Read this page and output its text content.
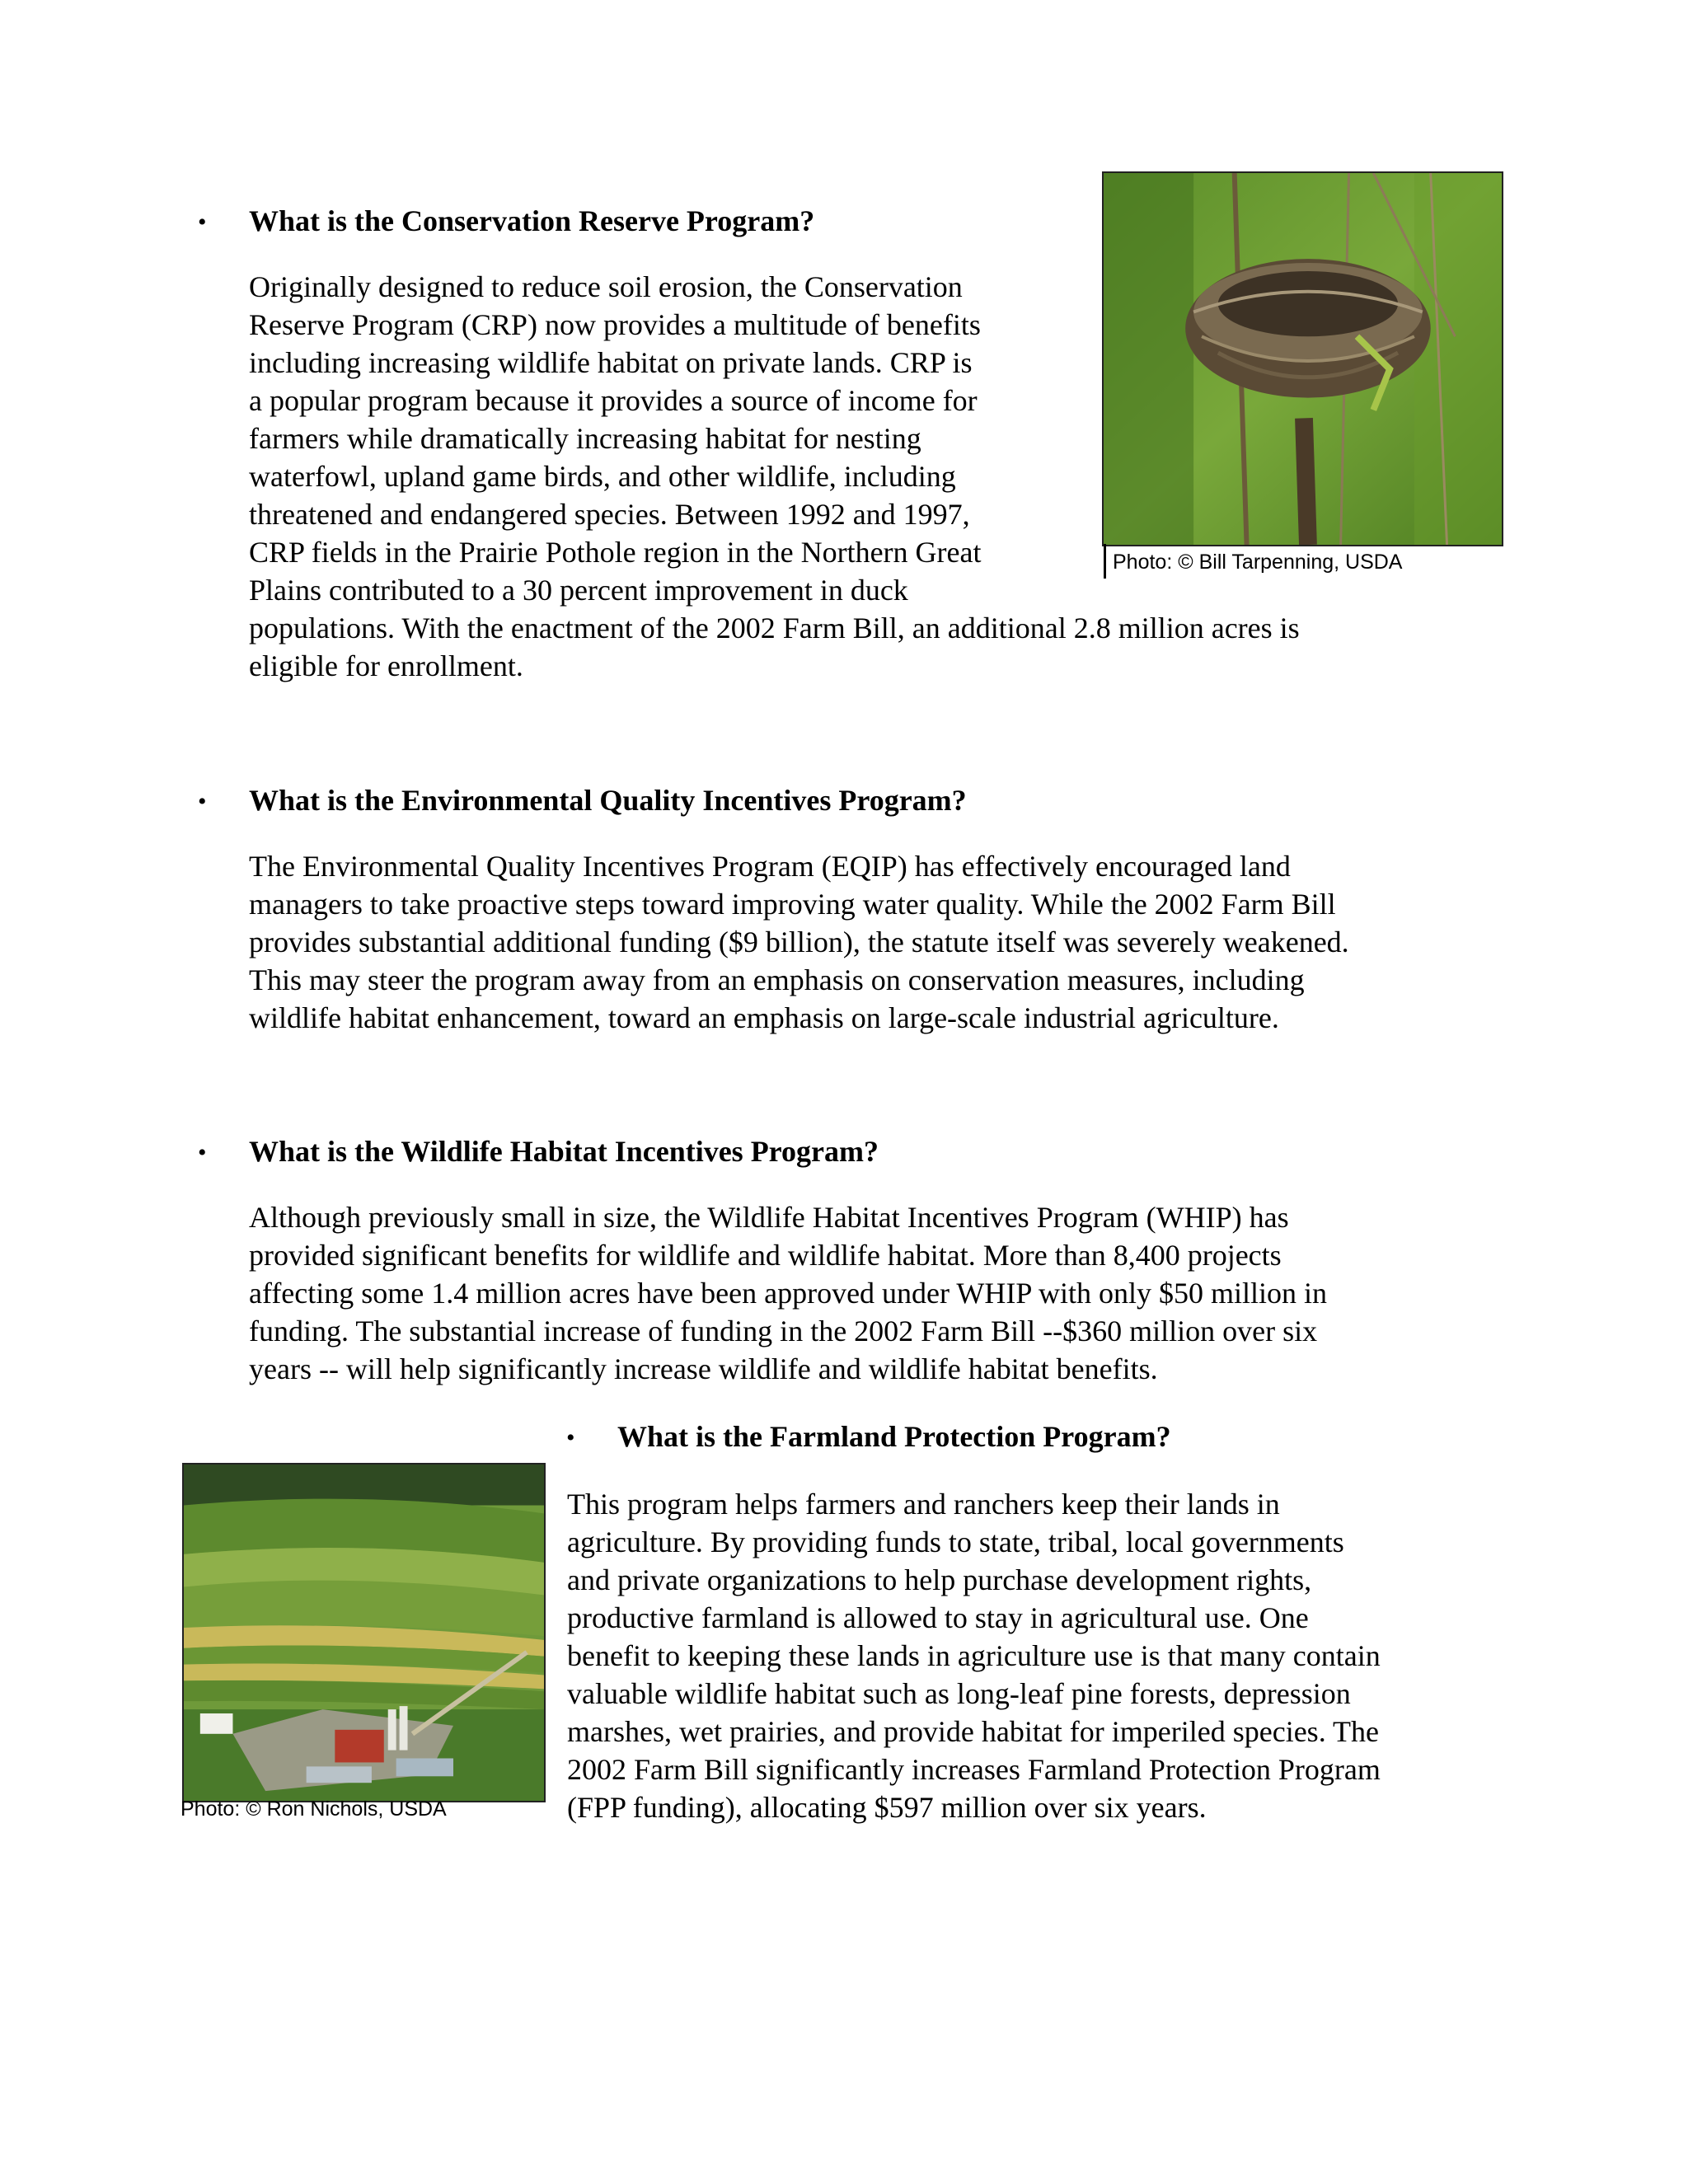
• What is the Conservation Reserve Program?
Originally designed to reduce soil erosion, the Conservation
Reserve Program (CRP) now provides a multitude of benefits
including increasing wildlife habitat on private lands. CRP is
a popular program because it provides a source of income for
farmers while dramatically increasing habitat for nesting
waterfowl, upland game birds, and other wildlife, including
threatened and endangered species. Between 1992 and 1997,
CRP fields in the Prairie Pothole region in the Northern Great
Plains contributed to a 30 percent improvement in duck
populations. With the enactment of the 2002 Farm Bill, an additional 2.8 million acres is
eligible for enrollment.
Photo: © Bill Tarpenning, USDA
• What is the Environmental Quality Incentives Program?
The Environmental Quality Incentives Program (EQIP) has effectively encouraged land
managers to take proactive steps toward improving water quality. While the 2002 Farm Bill
provides substantial additional funding ($9 billion), the statute itself was severely weakened.
This may steer the program away from an emphasis on conservation measures, including
wildlife habitat enhancement, toward an emphasis on large-scale industrial agriculture.
• What is the Wildlife Habitat Incentives Program?
Although previously small in size, the Wildlife Habitat Incentives Program (WHIP) has
provided significant benefits for wildlife and wildlife habitat. More than 8,400 projects
affecting some 1.4 million acres have been approved under WHIP with only $50 million in
funding. The substantial increase of funding in the 2002 Farm Bill --$360 million over six
years -- will help significantly increase wildlife and wildlife habitat benefits.
Photo: © Ron Nichols, USDA
• What is the Farmland Protection Program?
This program helps farmers and ranchers keep their lands in
agriculture. By providing funds to state, tribal, local governments
and private organizations to help purchase development rights,
productive farmland is allowed to stay in agricultural use. One
benefit to keeping these lands in agriculture use is that many contain
valuable wildlife habitat such as long-leaf pine forests, depression
marshes, wet prairies, and provide habitat for imperiled species. The
2002 Farm Bill significantly increases Farmland Protection Program
(FPP funding), allocating $597 million over six years.
